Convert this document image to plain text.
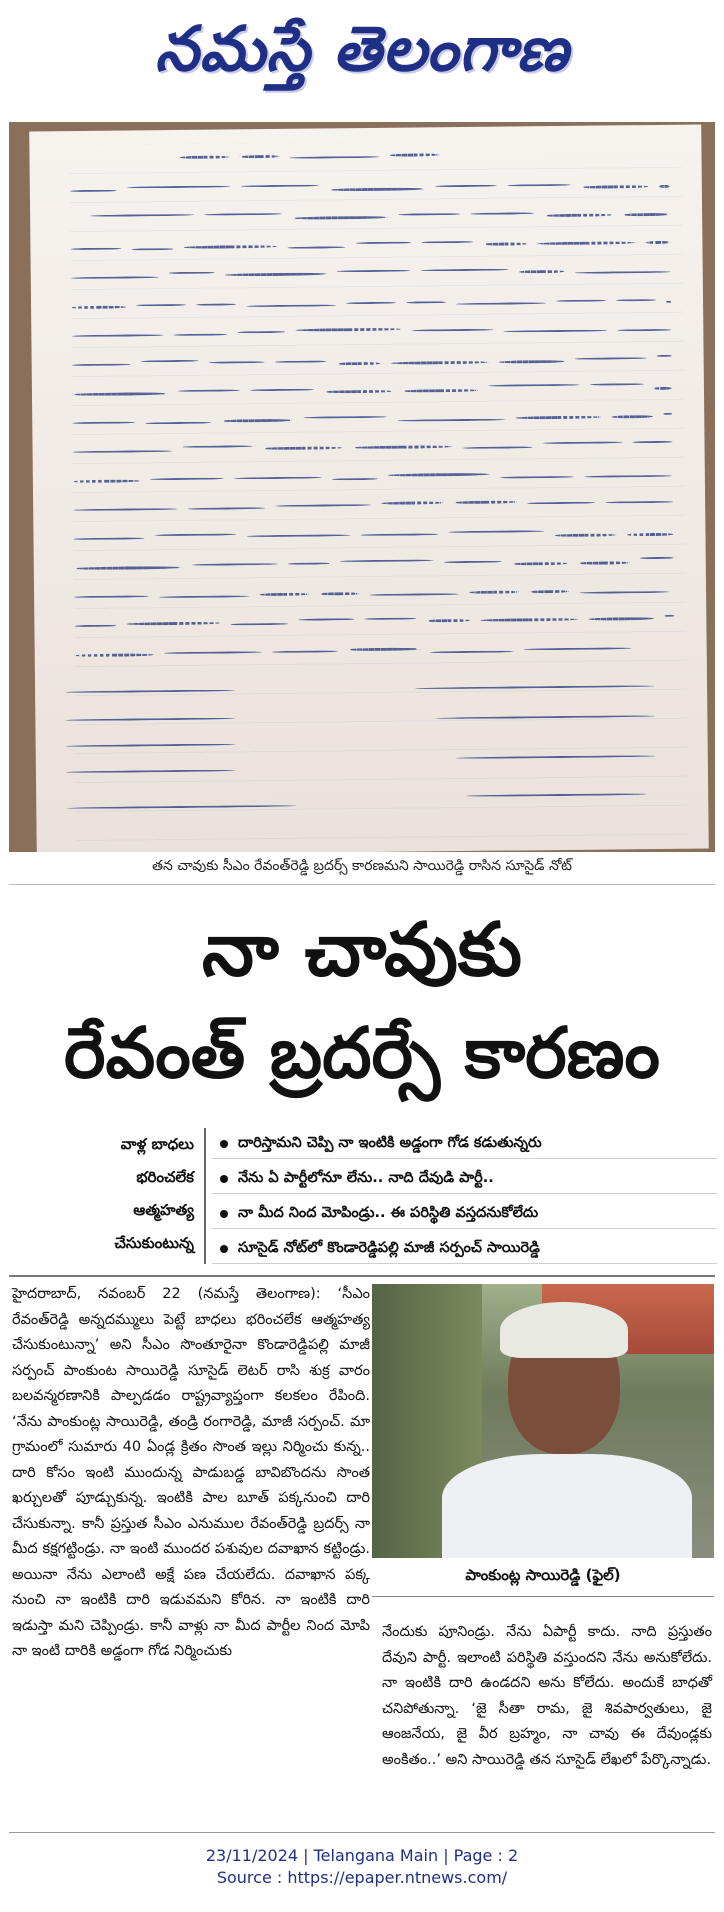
నమస్తే తెలంగాణ
తన చావుకు సీఎం రేవంత్‌రెడ్డి బ్రదర్స్‌ కారణమని సాయిరెడ్డి రాసిన సూసైడ్‌ నోట్‌
నా చావుకు
రేవంత్‌ బ్రదర్సే కారణం
వాళ్ల బాధలు
భరించలేక
ఆత్మహత్య
చేసుకుంటున్న
దారిస్తామని చెప్పి నా ఇంటికి అడ్డంగా గోడ కడుతున్నరు
నేను ఏ పార్టీలోనూ లేను.. నాది దేవుడి పార్టీ..
నా మీద నింద మోపిండ్రు.. ఈ పరిస్థితి వస్తదనుకోలేదు
సూసైడ్‌ నోట్‌లో కొండారెడ్డిపల్లి మాజీ సర్పంచ్‌ సాయిరెడ్డి

హైదరాబాద్‌, నవంబర్‌ 22 (నమస్తే తెలంగాణ): ‘సీఎం రేవంత్‌రెడ్డి అన్నదమ్ములు పెట్టే బాధలు భరించలేక ఆత్మహత్య చేసుకుంటున్నా’ అని సీఎం సొంతూరైనా కొండారెడ్డిపల్లి మాజీ సర్పంచ్‌ పాంకుంట సాయిరెడ్డి సూసైడ్‌ లెటర్‌ రాసి శుక్ర వారం బలవన్మరణానికి పాల్పడడం రాష్ట్రవ్యాప్తంగా కలకలం రేపింది. ‘నేను పాంకుంట్ల సాయిరెడ్డి, తండ్రి రంగారెడ్డి, మాజీ సర్పంచ్‌. మా గ్రామంలో సుమారు 40 ఏండ్ల క్రితం సొంత ఇల్లు నిర్మించు కున్న.. దారి కోసం ఇంటి ముందున్న పాడుబడ్డ బావిబొందను సొంత ఖర్చులతో పూడ్చుకున్న. ఇంటికి పాల బూత్‌ పక్కనుంచి దారి చేసుకున్నా. కానీ ప్రస్తుత సీఎం ఎనుముల రేవంత్‌రెడ్డి బ్రదర్స్‌ నా మీద కక్షగట్టిండ్రు. నా ఇంటి ముందర పశువుల దవాఖాన కట్టిండ్రు. అయినా నేను ఎలాంటి అక్షే పణ చేయలేదు. దవాఖాన పక్క నుంచి నా ఇంటికి దారి ఇడువమని కోరిన. నా ఇంటికి దారి ఇడుస్తా మని చెప్పిండ్రు. కానీ వాళ్లు నా మీద పార్టీల నింద మోపి నా ఇంటి దారికి అడ్డంగా గోడ నిర్మించుకు

పాంకుంట్ల సాయిరెడ్డి (ఫైల్‌)

నేందుకు పూనిండ్రు. నేను ఏపార్టీ కాదు. నాది ప్రస్తుతం దేవుని పార్టీ. ఇలాంటి పరిస్థితి వస్తుందని నేను అనుకోలేదు. నా ఇంటికి దారి ఉండదని అను కోలేదు. అందుకే బాధతో చనిపోతున్నా. ‘జై సీతా రామ, జై శివపార్వతులు, జై ఆంజనేయ, జై వీర బ్రహ్మం, నా చావు ఈ దేవుండ్లకు అంకితం..’ అని సాయిరెడ్డి తన సూసైడ్‌ లేఖలో పేర్కొన్నాడు.

23/11/2024 | Telangana Main | Page : 2
Source : https://epaper.ntnews.com/
